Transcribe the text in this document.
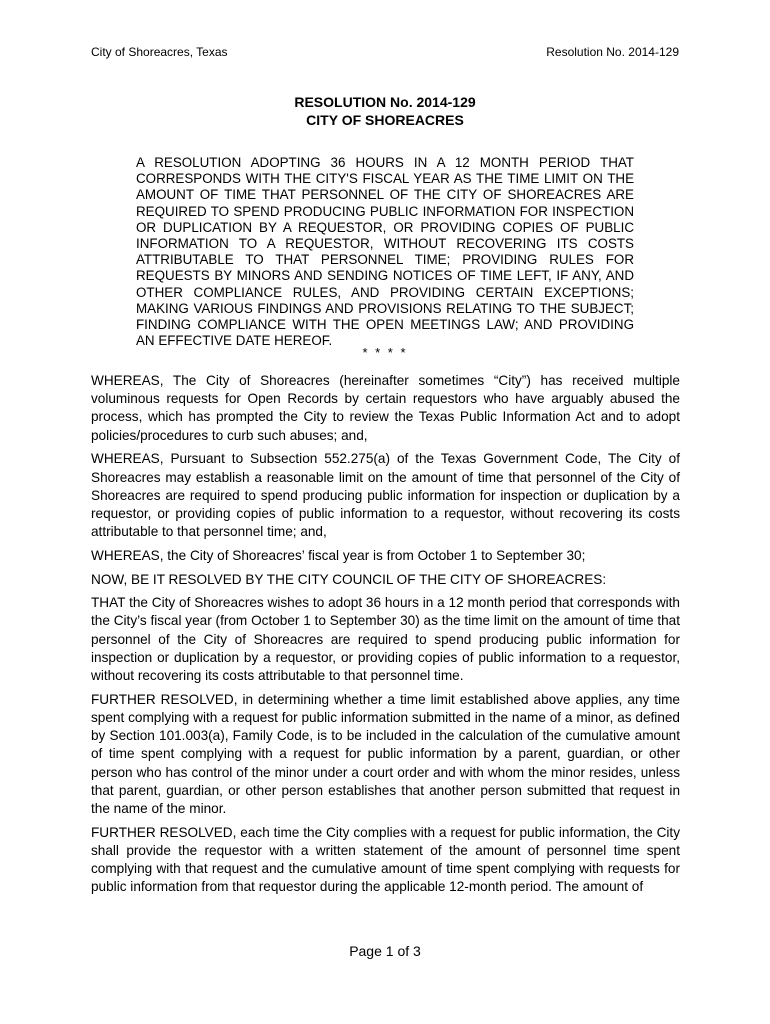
City of Shoreacres, Texas	Resolution No. 2014-129
RESOLUTION No. 2014-129
CITY OF SHOREACRES
A RESOLUTION ADOPTING 36 HOURS IN A 12 MONTH PERIOD THAT CORRESPONDS WITH THE CITY'S FISCAL YEAR AS THE TIME LIMIT ON THE AMOUNT OF TIME THAT PERSONNEL OF THE CITY OF SHOREACRES ARE REQUIRED TO SPEND PRODUCING PUBLIC INFORMATION FOR INSPECTION OR DUPLICATION BY A REQUESTOR, OR PROVIDING COPIES OF PUBLIC INFORMATION TO A REQUESTOR, WITHOUT RECOVERING ITS COSTS ATTRIBUTABLE TO THAT PERSONNEL TIME; PROVIDING RULES FOR REQUESTS BY MINORS AND SENDING NOTICES OF TIME LEFT, IF ANY, AND OTHER COMPLIANCE RULES, AND PROVIDING CERTAIN EXCEPTIONS; MAKING VARIOUS FINDINGS AND PROVISIONS RELATING TO THE SUBJECT; FINDING COMPLIANCE WITH THE OPEN MEETINGS LAW; AND PROVIDING AN EFFECTIVE DATE HEREOF.
* * * *

WHEREAS, The City of Shoreacres (hereinafter sometimes “City”) has received multiple voluminous requests for Open Records by certain requestors who have arguably abused the process, which has prompted the City to review the Texas Public Information Act and to adopt policies/procedures to curb such abuses; and,

WHEREAS, Pursuant to Subsection 552.275(a) of the Texas Government Code, The City of Shoreacres may establish a reasonable limit on the amount of time that personnel of the City of Shoreacres are required to spend producing public information for inspection or duplication by a requestor, or providing copies of public information to a requestor, without recovering its costs attributable to that personnel time; and,

WHEREAS, the City of Shoreacres’ fiscal year is from October 1 to September 30;

NOW, BE IT RESOLVED BY THE CITY COUNCIL OF THE CITY OF SHOREACRES:

THAT the City of Shoreacres wishes to adopt 36 hours in a 12 month period that corresponds with the City’s fiscal year (from October 1 to September 30) as the time limit on the amount of time that personnel of the City of Shoreacres are required to spend producing public information for inspection or duplication by a requestor, or providing copies of public information to a requestor, without recovering its costs attributable to that personnel time.

FURTHER RESOLVED, in determining whether a time limit established above applies, any time spent complying with a request for public information submitted in the name of a minor, as defined by Section 101.003(a), Family Code, is to be included in the calculation of the cumulative amount of time spent complying with a request for public information by a parent, guardian, or other person who has control of the minor under a court order and with whom the minor resides, unless that parent, guardian, or other person establishes that another person submitted that request in the name of the minor.

FURTHER RESOLVED, each time the City complies with a request for public information, the City shall provide the requestor with a written statement of the amount of personnel time spent complying with that request and the cumulative amount of time spent complying with requests for public information from that requestor during the applicable 12-month period. The amount of

Page 1 of 3
